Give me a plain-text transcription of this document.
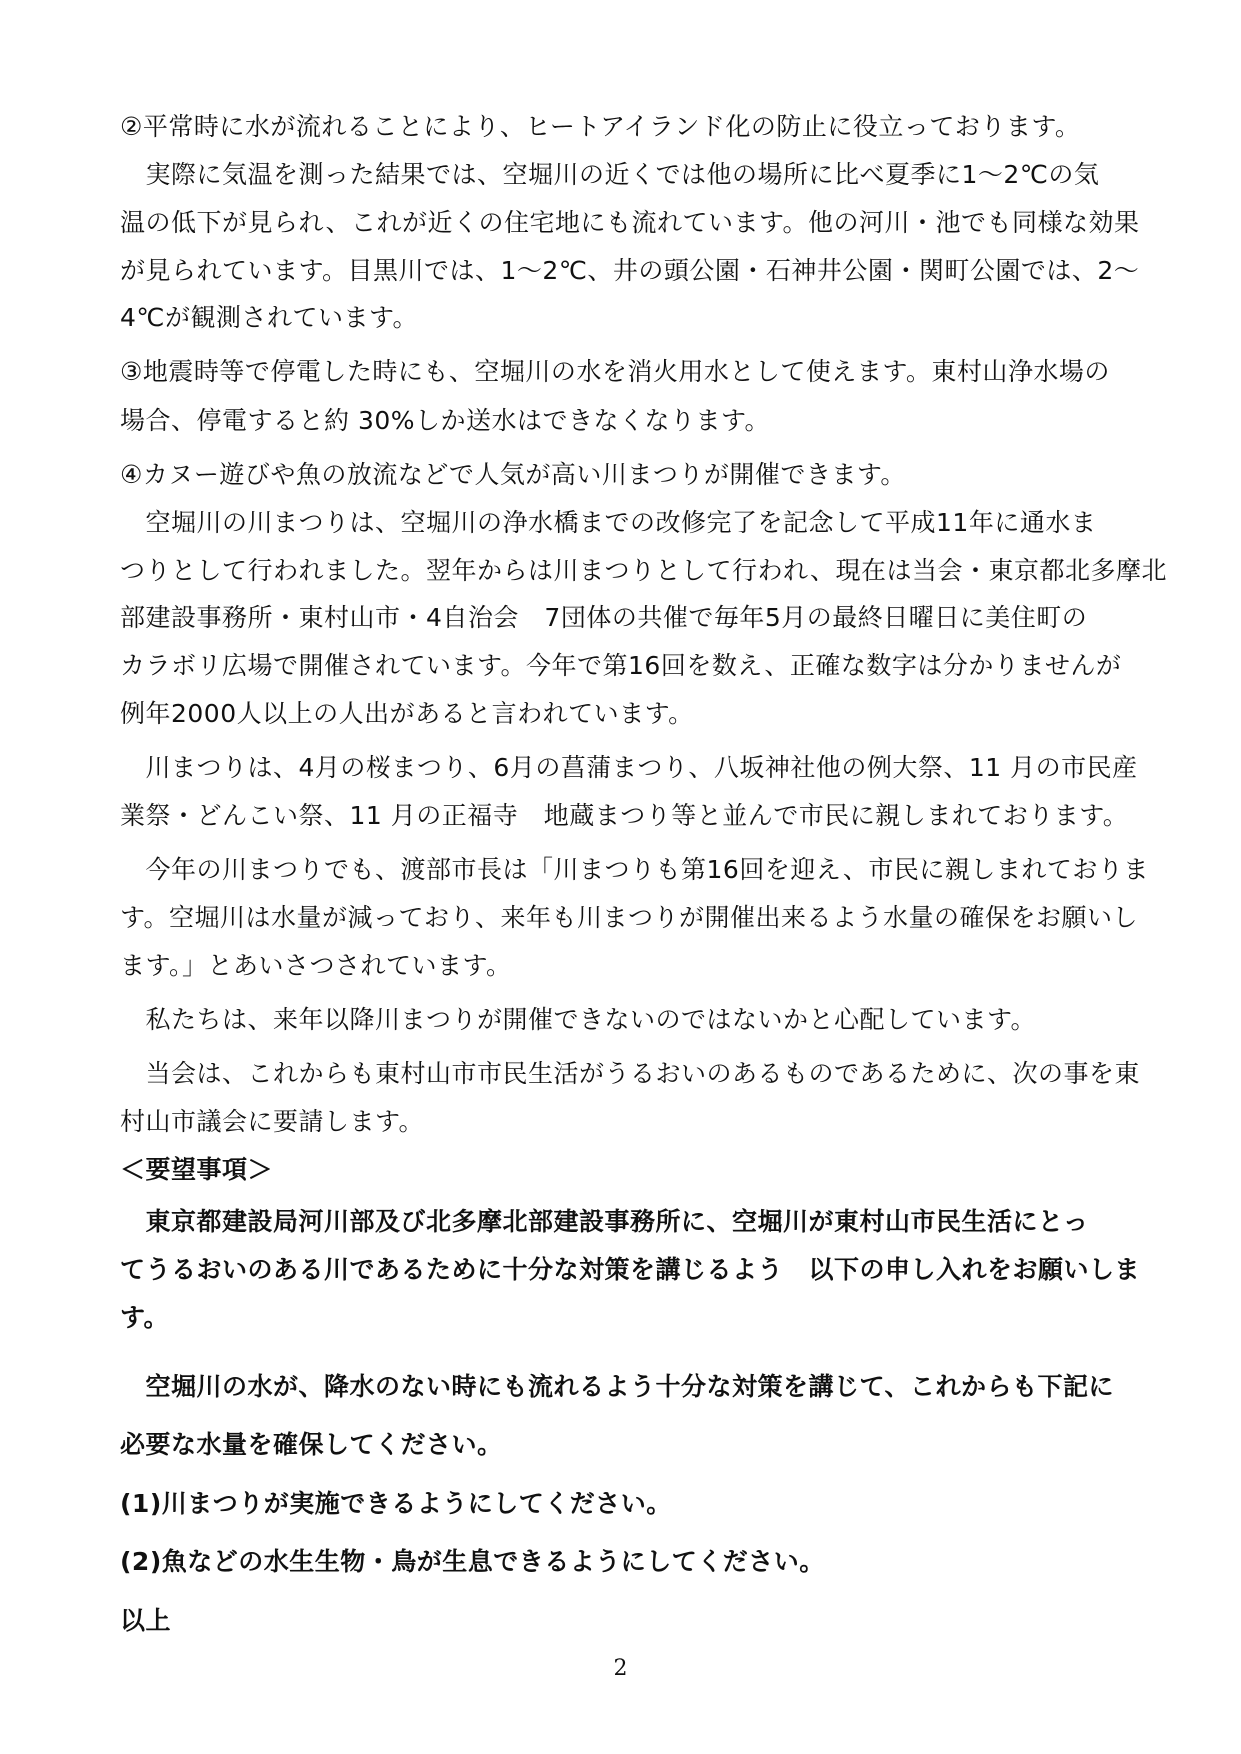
②平常時に水が流れることにより、ヒートアイランド化の防止に役立っております。
　実際に気温を測った結果では、空堀川の近くでは他の場所に比べ夏季に1～2℃の気
温の低下が見られ、これが近くの住宅地にも流れています。他の河川・池でも同様な効果
が見られています。目黒川では、1～2℃、井の頭公園・石神井公園・関町公園では、2～
4℃が観測されています。
③地震時等で停電した時にも、空堀川の水を消火用水として使えます。東村山浄水場の
場合、停電すると約 30%しか送水はできなくなります。
④カヌー遊びや魚の放流などで人気が高い川まつりが開催できます。
　空堀川の川まつりは、空堀川の浄水橋までの改修完了を記念して平成11年に通水ま
つりとして行われました。翌年からは川まつりとして行われ、現在は当会・東京都北多摩北
部建設事務所・東村山市・4自治会　7団体の共催で毎年5月の最終日曜日に美住町の
カラボリ広場で開催されています。今年で第16回を数え、正確な数字は分かりませんが
例年2000人以上の人出があると言われています。
　川まつりは、4月の桜まつり、6月の菖蒲まつり、八坂神社他の例大祭、11 月の市民産
業祭・どんこい祭、11 月の正福寺　地蔵まつり等と並んで市民に親しまれております。
　今年の川まつりでも、渡部市長は「川まつりも第16回を迎え、市民に親しまれておりま
す。空堀川は水量が減っており、来年も川まつりが開催出来るよう水量の確保をお願いし
ます。」とあいさつされています。
　私たちは、来年以降川まつりが開催できないのではないかと心配しています。
　当会は、これからも東村山市市民生活がうるおいのあるものであるために、次の事を東
村山市議会に要請します。
＜要望事項＞
　東京都建設局河川部及び北多摩北部建設事務所に、空堀川が東村山市民生活にとっ
てうるおいのある川であるために十分な対策を講じるよう　以下の申し入れをお願いしま
す。
　空堀川の水が、降水のない時にも流れるよう十分な対策を講じて、これからも下記に
必要な水量を確保してください。
(1)川まつりが実施できるようにしてください。
(2)魚などの水生生物・鳥が生息できるようにしてください。
以上
2
